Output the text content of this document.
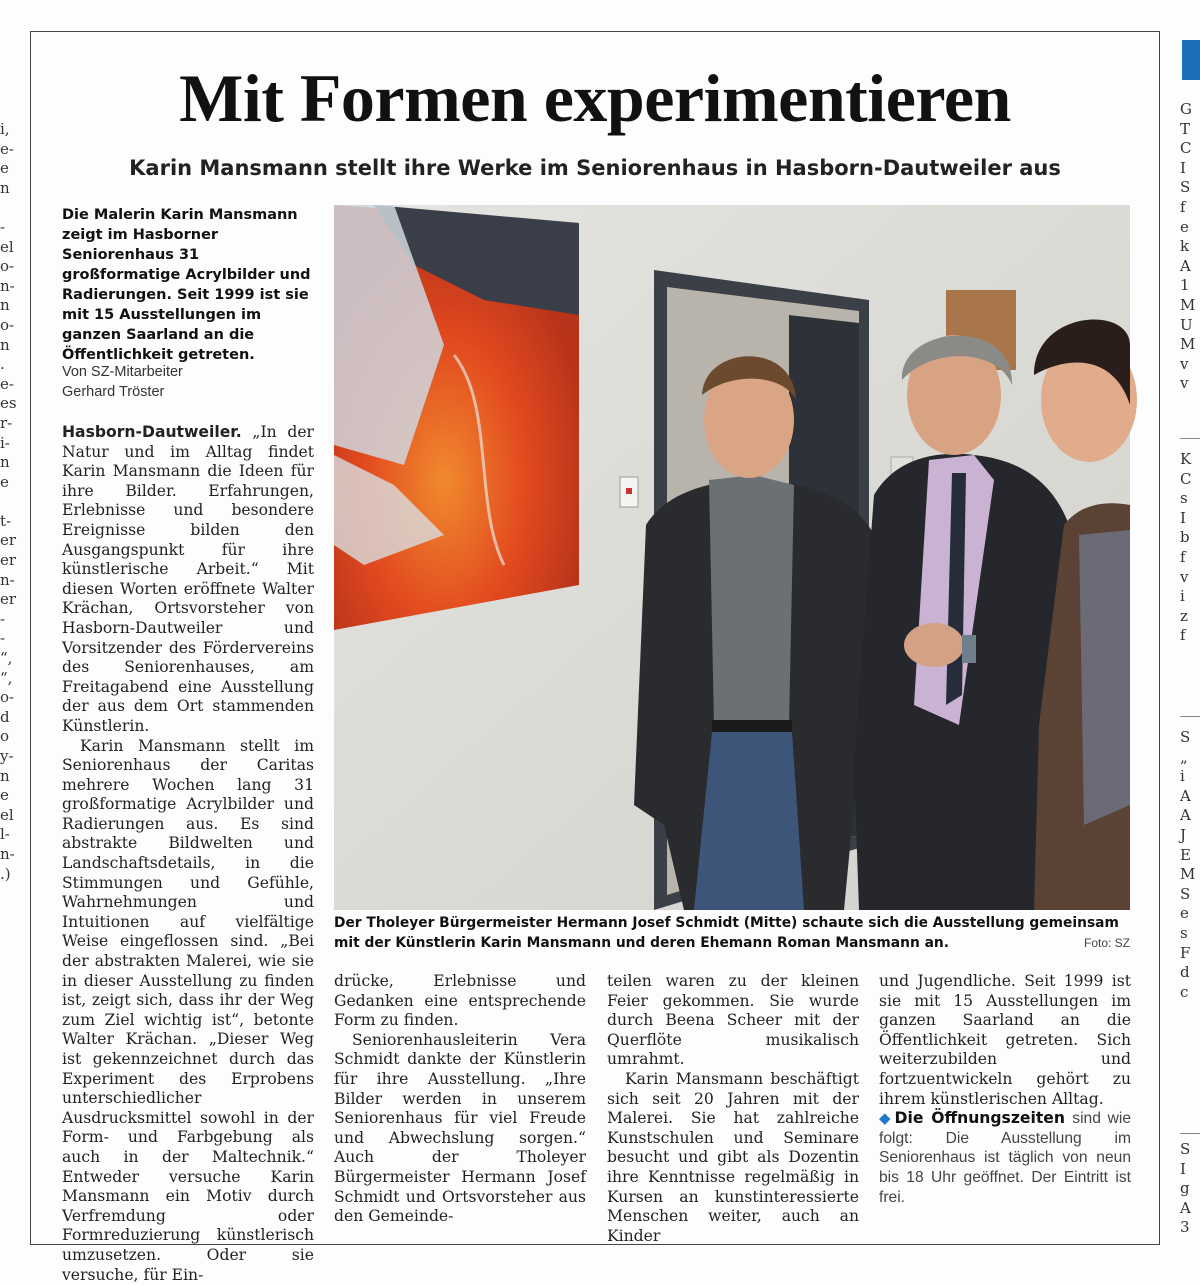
i,
e-
e
n

-
el
o-
n-
n
o-
n
.
e-
es
r-
i-
n
e

t-
er
er
n-
er
-
-
“,
“,
o-
d
o
y-
n
e
el
l-
n-
.)
Mit Formen experimentieren
Karin Mansmann stellt ihre Werke im Seniorenhaus in Hasborn-Dautweiler aus
Die Malerin Karin Mansmann zeigt im Hasborner Seniorenhaus 31 großformatige Acrylbilder und Radierungen. Seit 1999 ist sie mit 15 Ausstellungen im ganzen Saarland an die Öffentlichkeit getreten.
Von SZ-Mitarbeiter
Gerhard Tröster

Hasborn-Dautweiler. „In der Natur und im Alltag findet Karin Mansmann die Ideen für ihre Bilder. Erfahrungen, Erlebnisse und besondere Ereignisse bilden den Ausgangspunkt für ihre künstlerische Arbeit.“ Mit diesen Worten eröffnete Walter Krächan, Ortsvorsteher von Hasborn-Dautweiler und Vorsitzender des Fördervereins des Seniorenhauses, am Freitagabend eine Ausstellung der aus dem Ort stammenden Künstlerin.

Karin Mansmann stellt im Seniorenhaus der Caritas mehrere Wochen lang 31 großformatige Acrylbilder und Radierungen aus. Es sind abstrakte Bildwelten und Landschaftsdetails, in die Stimmungen und Gefühle, Wahrnehmungen und Intuitionen auf vielfältige Weise eingeflossen sind. „Bei der abstrakten Malerei, wie sie in dieser Ausstellung zu finden ist, zeigt sich, dass ihr der Weg zum Ziel wichtig ist“, betonte Walter Krächan. „Dieser Weg ist gekennzeichnet durch das Experiment des Erprobens unterschiedlicher Ausdrucksmittel sowohl in der Form- und Farbgebung als auch in der Maltechnik.“ Entweder versuche Karin Mansmann ein Motiv durch Verfremdung oder Formreduzierung künstlerisch umzusetzen. Oder sie versuche, für Ein-

Der Tholeyer Bürgermeister Hermann Josef Schmidt (Mitte) schaute sich die Ausstellung gemeinsam mit der Künstlerin Karin Mansmann und deren Ehemann Roman Mansmann an.	Foto: SZ

drücke, Erlebnisse und Gedanken eine entsprechende Form zu finden.

Seniorenhausleiterin Vera Schmidt dankte der Künstlerin für ihre Ausstellung. „Ihre Bilder werden in unserem Seniorenhaus für viel Freude und Abwechslung sorgen.“ Auch der Tholeyer Bürgermeister Hermann Josef Schmidt und Ortsvorsteher aus den Gemeinde-

teilen waren zu der kleinen Feier gekommen. Sie wurde durch Beena Scheer mit der Querflöte musikalisch umrahmt.

Karin Mansmann beschäftigt sich seit 20 Jahren mit der Malerei. Sie hat zahlreiche Kunstschulen und Seminare besucht und gibt als Dozentin ihre Kenntnisse regelmäßig in Kursen an kunstinteressierte Menschen weiter, auch an Kinder

und Jugendliche. Seit 1999 ist sie mit 15 Ausstellungen im ganzen Saarland an die Öffentlichkeit getreten. Sich weiterzubilden und fortzuentwickeln gehört zu ihrem künstlerischen Alltag.

◆ Die Öffnungszeiten sind wie folgt: Die Ausstellung im Seniorenhaus ist täglich von neun bis 18 Uhr geöffnet. Der Eintritt ist frei.

G
T
C
I
S
f
e
k
A
1
M
U
M
v
v
K
C
s
I
b
f
v
i
z
f
S
„
i
A
A
J
E
M
S
e
s
F
d
c
S
I
g
A
3
